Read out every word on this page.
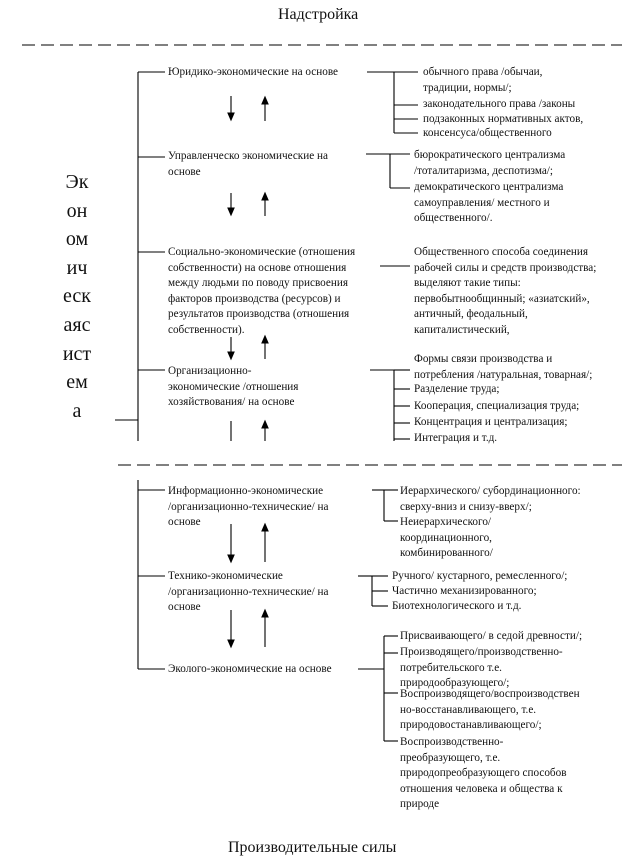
Надстройка
Производительные силы
Экономическаясистема
Юридико-экономические на основе	обычного права /обычаи,
традиции, нормы/;
законодательного права /законы
подзаконных нормативных актов,
консенсуса/общественного
Управленческо экономические на
основе
бюрократического централизма
/тоталитаризма, деспотизма/;
демократического централизма
самоуправления/ местного и
общественного/.
Социально-экономические (отношения
собственности) на основе отношения
между людьми по поводу присвоения
факторов производства (ресурсов) и
результатов производства (отношения
собственности).
Общественного способа соединения
рабочей силы и средств производства;
выделяют такие типы:
первобытнообщинный; «азиатский»,
античный, феодальный,
капиталистический,
Организационно-
экономические /отношения
хозяйствования/ на основе
Формы связи производства и
потребления /натуральная, товарная/;
Разделение труда;
Кооперация, специализация труда;
Концентрация и централизация;
Интеграция и т.д.
Информационно-экономические
/организационно-технические/ на
основе
Иерархического/ субординационного:
сверху-вниз и снизу-вверх/;
Неиерархического/
координационного,
комбинированного/
Технико-экономические
/организационно-технические/ на
основе
Ручного/ кустарного, ремесленного/;
Частично механизированного;
Биотехнологического и т.д.
Эколого-экономические на основе
Присваивающего/ в седой древности/;
Производящего/производственно-
потребительского т.е.
природообразующего/;
Воспроизводящего/воспроизводствен
но-восстанавливающего, т.е.
природовостанавливающего/;
Воспроизводственно-
преобразующего, т.е.
природопреобразующего способов
отношения человека и общества к
природе
